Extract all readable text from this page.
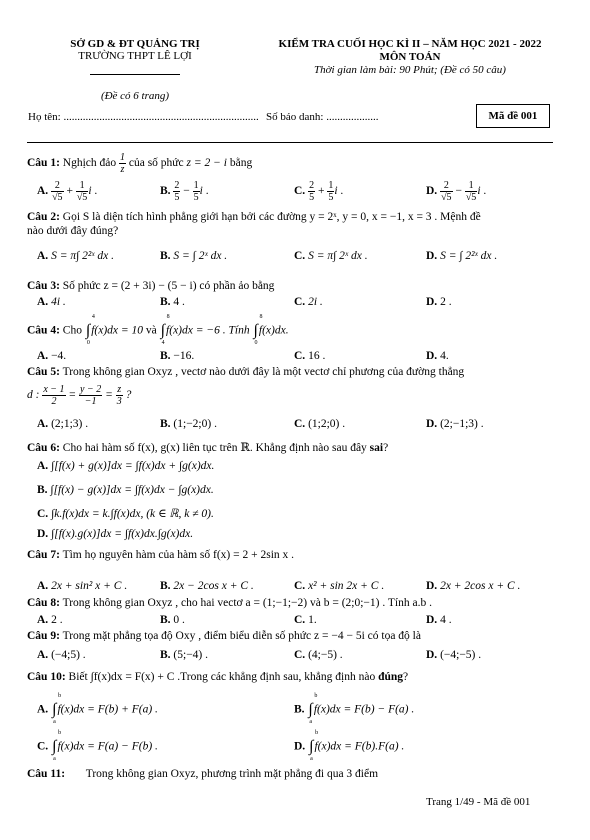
SỞ GD & ĐT QUẢNG TRỊ
TRƯỜNG THPT LÊ LỢI
(Đề có 6 trang)
KIỂM TRA CUỐI HỌC KÌ II – NĂM HỌC 2021 - 2022
MÔN TOÁN
Thời gian làm bài: 90 Phút; (Đề có 50 câu)
Họ tên: ....................................................................... Số báo danh: ...................	Mã đề 001
Câu 1: Nghịch đảo $\frac{1}{z}$ của số phức z = 2 − i bằng
A. $\frac{2}{√5} + \frac{1}{√5}$ i .	B. $\frac{2}{5} - \frac{1}{5}$ i .	C. $\frac{2}{5} + \frac{1}{5}$ i .	D. $\frac{2}{√5} - \frac{1}{√5}$ i .
Câu 2: Gọi S là diện tích hình phẳng giới hạn bởi các đường y = 2ˣ, y = 0, x = −1, x = 3 . Mệnh đề
nào dưới đây đúng?
A. S = π∫ 2²ˣ dx .	B. S = ∫ 2ˣ dx .	C. S = π∫ 2ˣ dx .	D. S = ∫ 2²ˣ dx .
Câu 3: Số phức z = (2 + 3i) − (5 − i) có phần ảo bằng
A. 4i .	B. 4 .	C. 2i .	D. 2 .
Câu 4: Cho ∫
4
0
f(x)dx = 10 và ∫
8
4
f(x)dx = −6 . Tính ∫
8
0
f(x)dx.
A. −4.	B. −16.	C. 16 .	D. 4.
Câu 5: Trong không gian Oxyz , vectơ nào dưới đây là một vectơ chỉ phương của đường thẳng
d : $\frac{x - 1}{2} = \frac{y - 2}{-1} = \frac{z}{3}$ ?
A. (2;1;3) .	B. (1;−2;0) .	C. (1;2;0) .	D. (2;−1;3) .
Câu 6: Cho hai hàm số f(x), g(x) liên tục trên ℝ. Khẳng định nào sau đây sai?
A. ∫[f(x) + g(x)]dx = ∫f(x)dx + ∫g(x)dx.
B. ∫[f(x) − g(x)]dx = ∫f(x)dx − ∫g(x)dx.
C. ∫k.f(x)dx = k.∫f(x)dx, (k ∈ ℝ, k ≠ 0).
D. ∫[f(x).g(x)]dx = ∫f(x)dx.∫g(x)dx.
Câu 7: Tìm họ nguyên hàm của hàm số f(x) = 2 + 2sin x .
A. 2x + sin² x + C .	B. 2x − 2cos x + C .	C. x² + sin 2x + C .	D. 2x + 2cos x + C .
Câu 8: Trong không gian Oxyz , cho hai vectơ a = (1;−1;−2) và b = (2;0;−1) . Tính a.b .
A. 2 .	B. 0 .	C. 1.	D. 4 .
Câu 9: Trong mặt phẳng tọa độ Oxy , điểm biểu diễn số phức z = −4 − 5i có tọa độ là
A. (−4;5) .	B. (5;−4) .	C. (4;−5) .	D. (−4;−5) .
Câu 10: Biết ∫f(x)dx = F(x) + C .Trong các khẳng định sau, khẳng định nào đúng?
A. ∫
b
a
f(x)dx = F(b) + F(a) .	B. ∫
b
a
f(x)dx = F(b) − F(a) .
C. ∫
b
a
f(x)dx = F(a) − F(b) .	D. ∫
b
a
f(x)dx = F(b).F(a) .
Câu 11: Trong không gian Oxyz, phương trình mặt phẳng đi qua 3 điểm
Trang 1/49 - Mã đề 001
